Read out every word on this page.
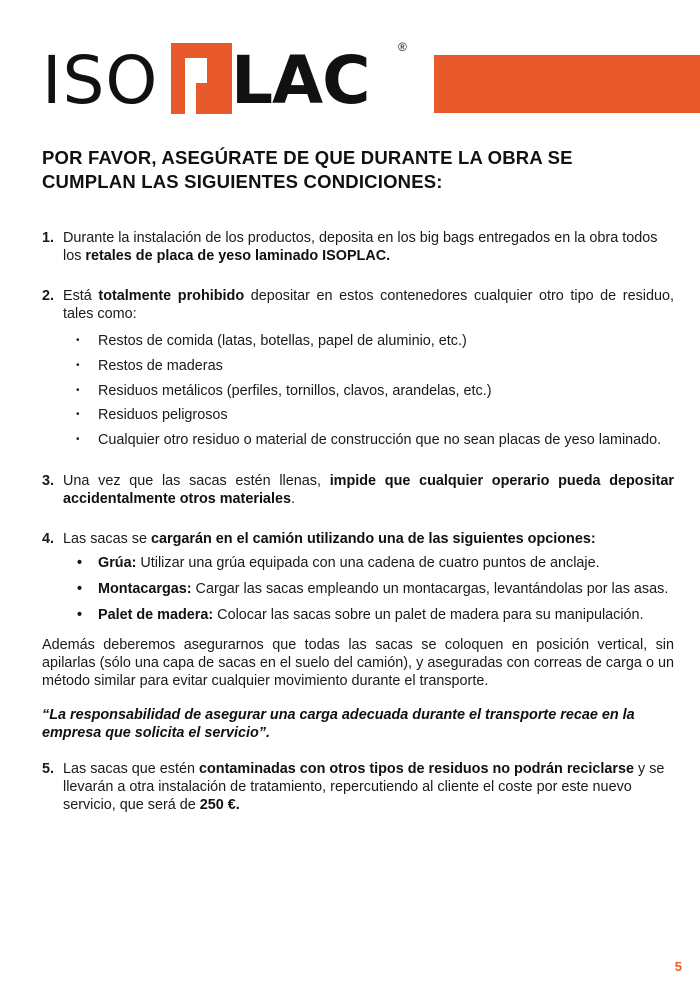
ISO LAC ®
POR FAVOR, ASEGÚRATE DE QUE DURANTE LA OBRA SE CUMPLAN LAS SIGUIENTES CONDICIONES:
1. Durante la instalación de los productos, deposita en los big bags entregados en la obra todos los retales de placa de yeso laminado ISOPLAC.

2. Está totalmente prohibido depositar en estos contenedores cualquier otro tipo de residuo, tales como:

• Restos de comida (latas, botellas, papel de aluminio, etc.)
• Restos de maderas
• Residuos metálicos (perfiles, tornillos, clavos, arandelas, etc.)
• Residuos peligrosos
• Cualquier otro residuo o material de construcción que no sean placas de yeso laminado.
3. Una vez que las sacas estén llenas, impide que cualquier operario pueda depositar accidentalmente otros materiales.

4. Las sacas se cargarán en el camión utilizando una de las siguientes opciones:

• Grúa: Utilizar una grúa equipada con una cadena de cuatro puntos de anclaje.
• Montacargas: Cargar las sacas empleando un montacargas, levantándolas por las asas.
• Palet de madera: Colocar las sacas sobre un palet de madera para su manipulación.

Además deberemos asegurarnos que todas las sacas se coloquen en posición vertical, sin apilarlas (sólo una capa de sacas en el suelo del camión), y aseguradas con correas de carga o un método similar para evitar cualquier movimiento durante el transporte.

“La responsabilidad de asegurar una carga adecuada durante el transporte recae en la empresa que solicita el servicio”.

5. Las sacas que estén contaminadas con otros tipos de residuos no podrán reciclarse y se llevarán a otra instalación de tratamiento, repercutiendo al cliente el coste por este nuevo servicio, que será de 250 €.

5
